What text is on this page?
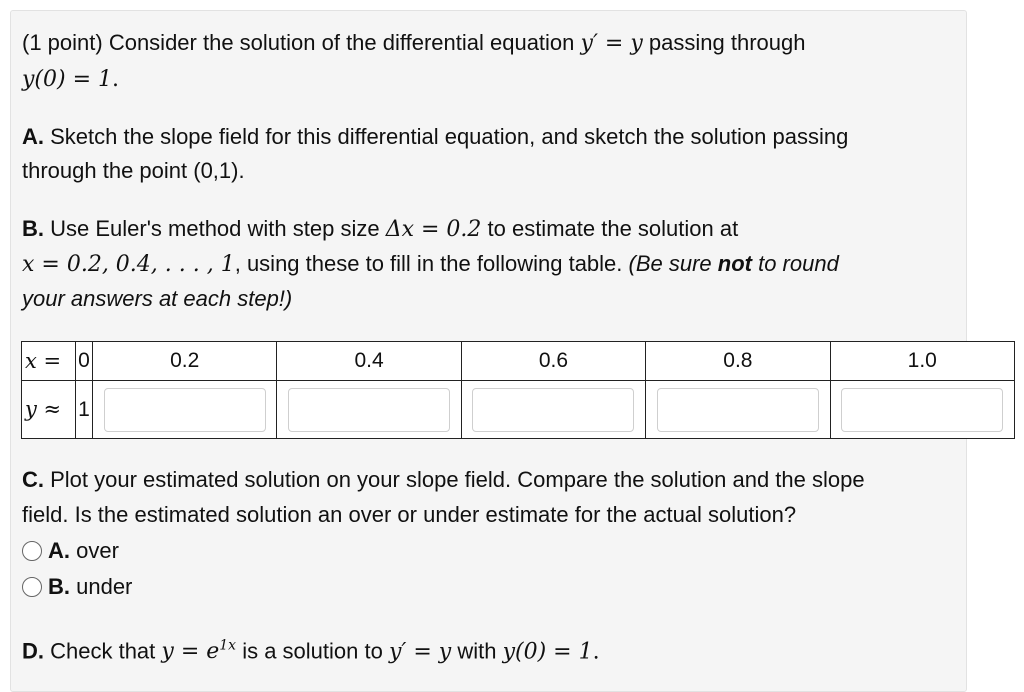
(1 point) Consider the solution of the differential equation y′ = y passing through
y(0) = 1.
A. Sketch the slope field for this differential equation, and sketch the solution passing
through the point (0,1).
B. Use Euler's method with step size Δx = 0.2 to estimate the solution at
x = 0.2, 0.4, . . . , 1, using these to fill in the following table. (Be sure not to round
your answers at each step!)
x =	0	0.2	0.4	0.6	0.8	1.0
y ≈	1	

C. Plot your estimated solution on your slope field. Compare the solution and the slope
field. Is the estimated solution an over or under estimate for the actual solution?
A. over
B. under
D. Check that $y = e^{1x}$ is a solution to y′ = y with y(0) = 1.
